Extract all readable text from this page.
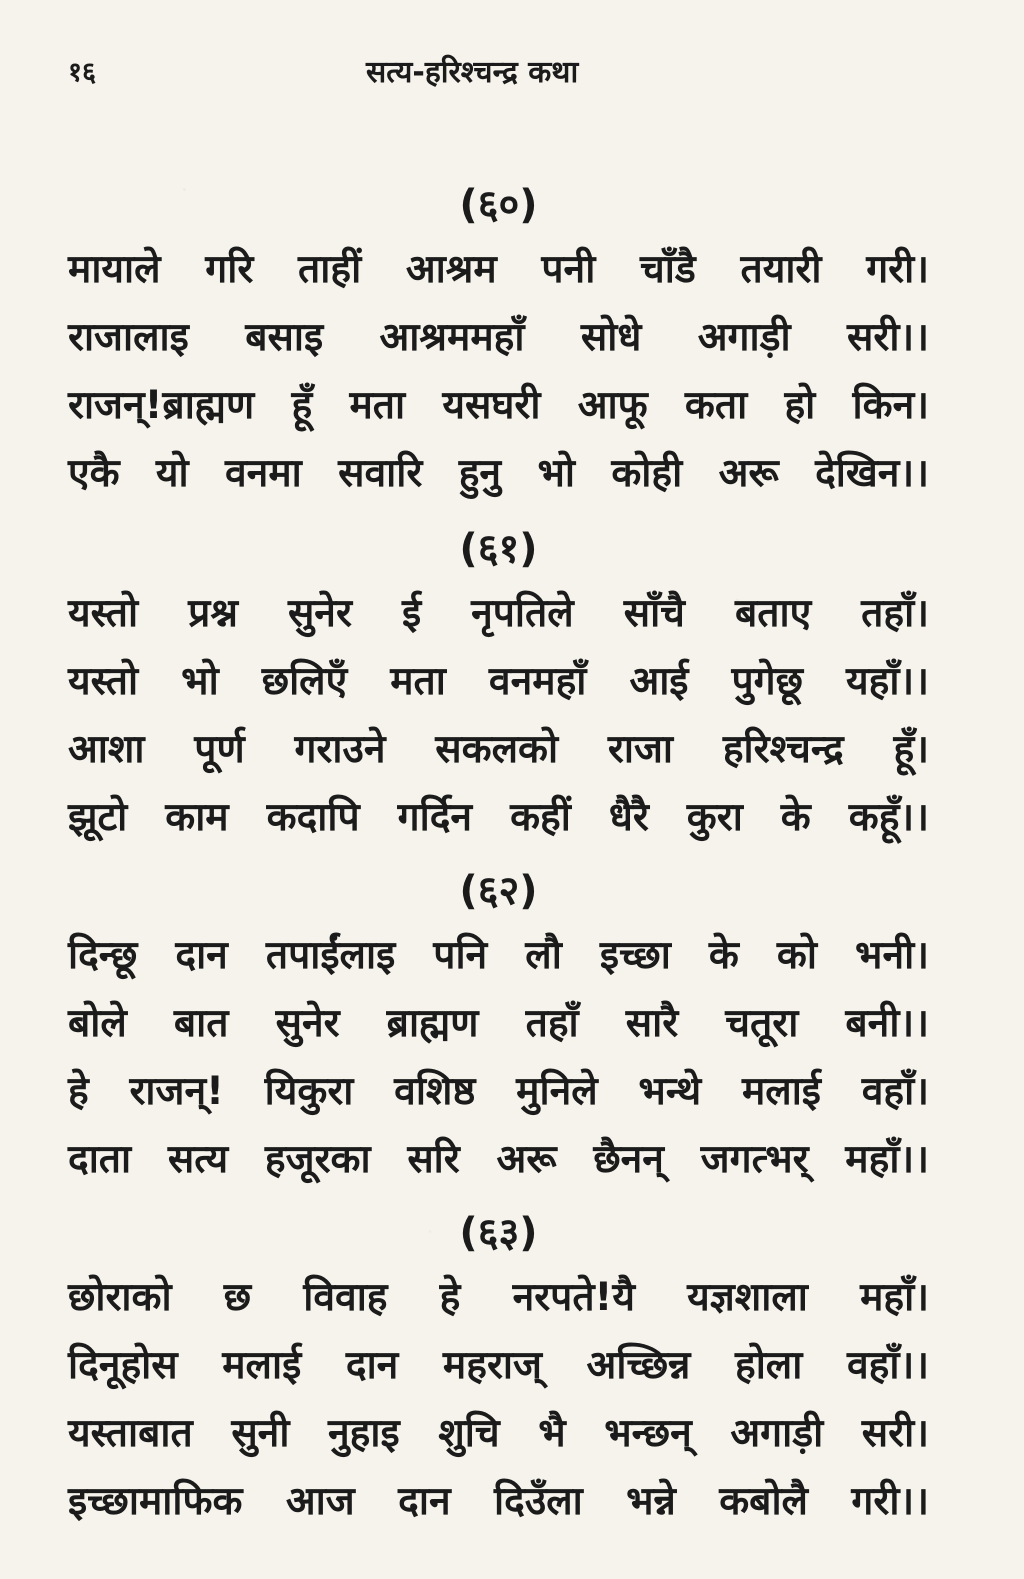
१६	सत्य-हरिश्चन्द्र कथा
(६०)
मायाले गरि ताहीं आश्रम पनी चाँडै तयारी गरी।
राजालाइ बसाइ आश्रममहाँ सोधे अगाड़ी सरी।।
राजन्!ब्राह्मण हूँ मता यसघरी आफू कता हो किन।
एकै यो वनमा सवारि हुनु भो कोही अरू देखिन।।
(६१)
यस्तो प्रश्न सुनेर ई नृपतिले साँचै बताए तहाँ।
यस्तो भो छलिएँ मता वनमहाँ आई पुगेछू यहाँ।।
आशा पूर्ण गराउने सकलको राजा हरिश्चन्द्र हूँ।
झूटो काम कदापि गर्दिन कहीं धैरै कुरा के कहूँ।।
(६२)
दिन्छू दान तपाईंलाइ पनि लौ इच्छा के को भनी।
बोले बात सुनेर ब्राह्मण तहाँ सारै चतूरा बनी।।
हे राजन्! यिकुरा वशिष्ठ मुनिले भन्थे मलाई वहाँ।
दाता सत्य हजूरका सरि अरू छैनन् जगत्भर् महाँ।।
(६३)
छोराको छ विवाह हे नरपते!यै यज्ञशाला महाँ।
दिनूहोस मलाई दान महराज् अच्छिन्न होला वहाँ।।
यस्ताबात सुनी नुहाइ शुचि भै भन्छन् अगाड़ी सरी।
इच्छामाफिक आज दान दिउँला भन्ने कबोलै गरी।।
